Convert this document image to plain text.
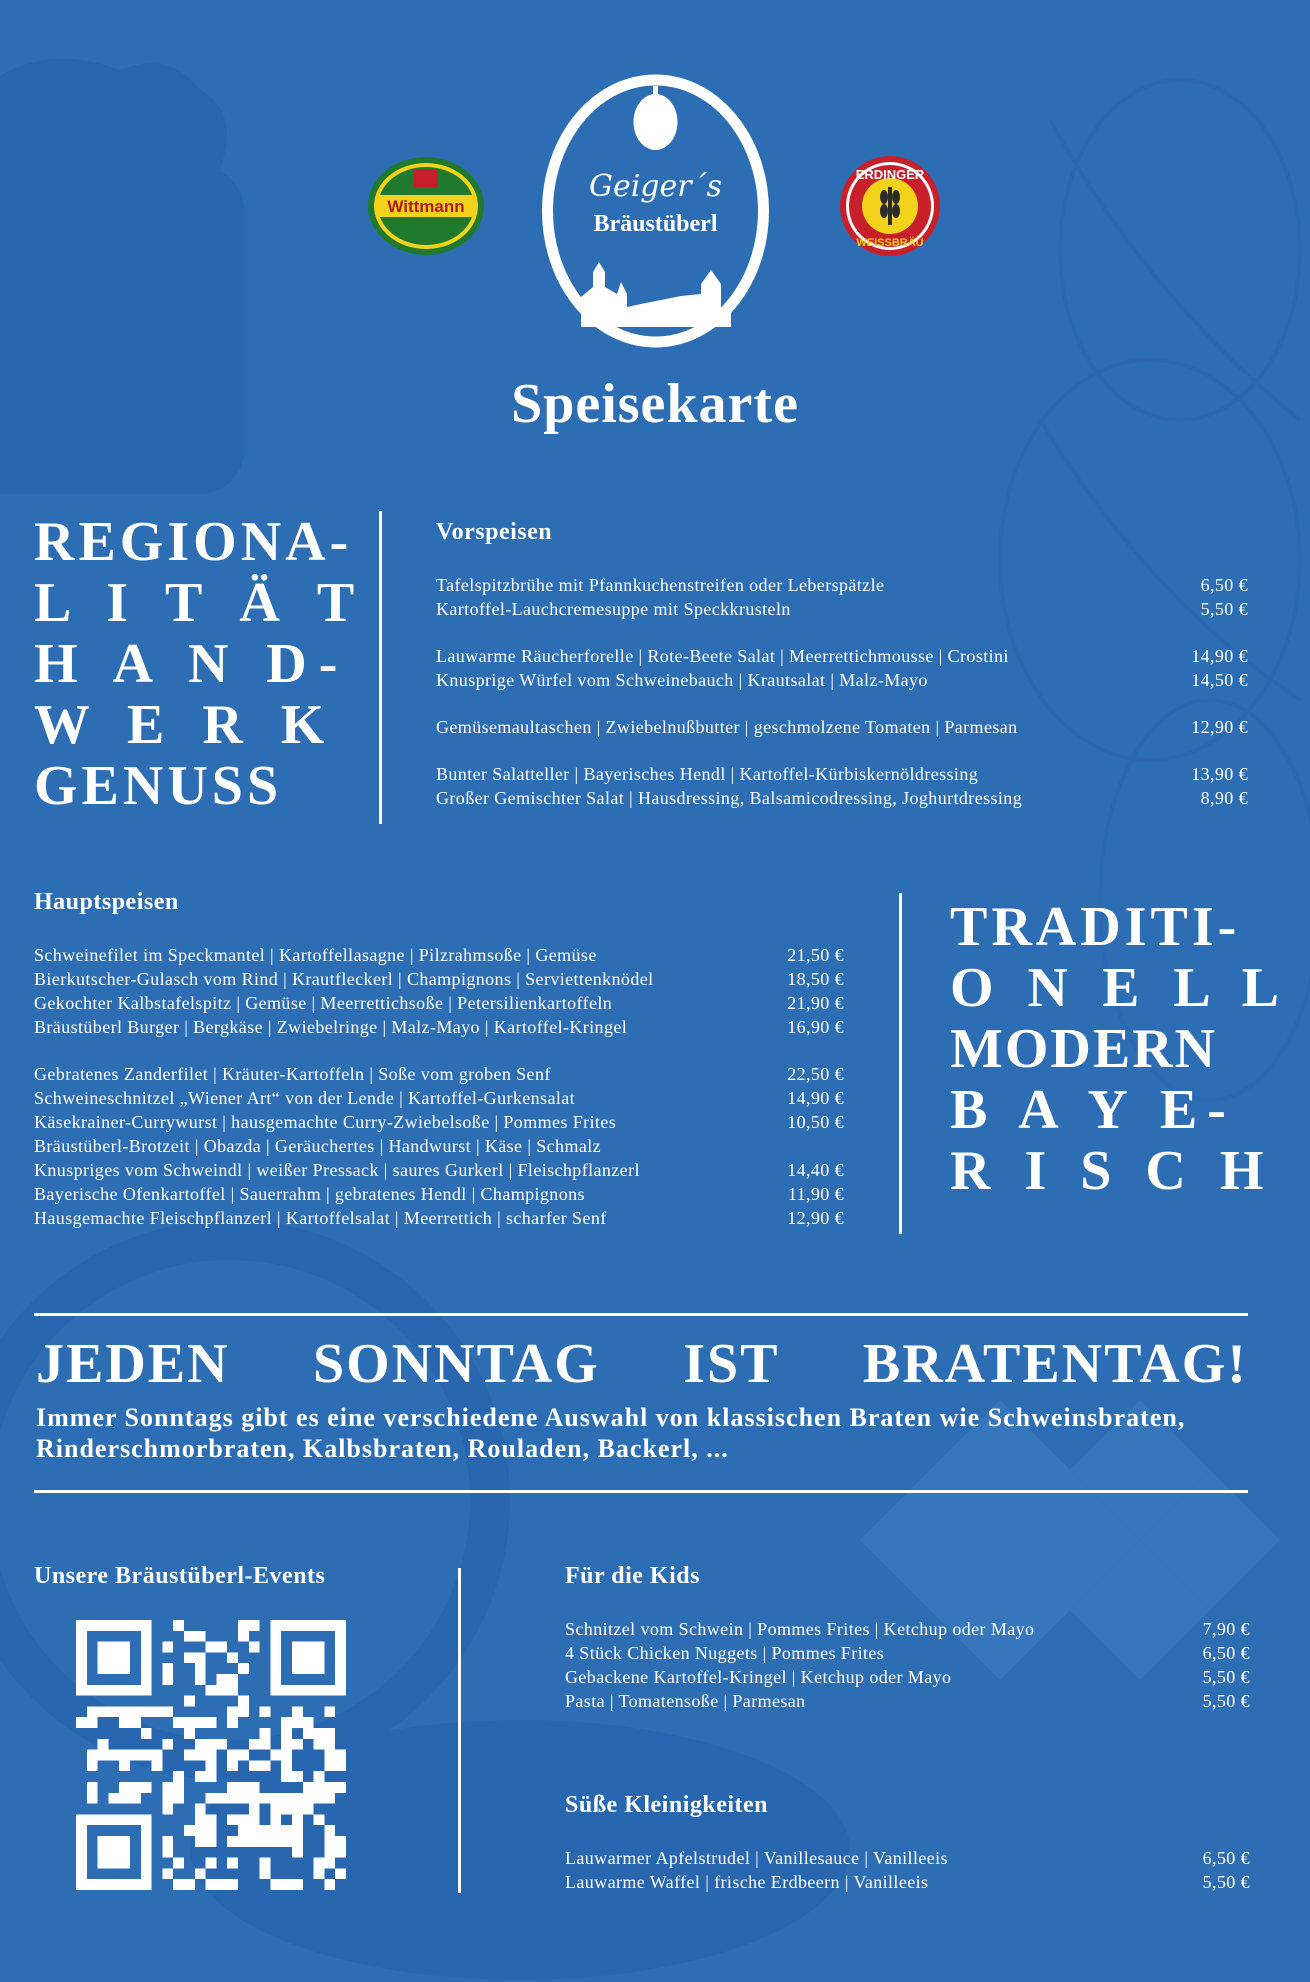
Wittmann
Geiger´s
Bräustüberl
ERDINGER
WEISSBRÄU
Speisekarte
REGIONA-
L I T Ä T
H A N D-
W E R K
GENUSS
Vorspeisen
Tafelspitzbrühe mit Pfannkuchenstreifen oder Leberspätzle	6,50 €
Kartoffel-Lauchcremesuppe mit Speckkrusteln	5,50 €
Lauwarme Räucherforelle | Rote-Beete Salat | Meerrettichmousse | Crostini	14,90 €
Knusprige Würfel vom Schweinebauch | Krautsalat | Malz-Mayo	14,50 €
Gemüsemaultaschen | Zwiebelnußbutter | geschmolzene Tomaten | Parmesan	12,90 €
Bunter Salatteller | Bayerisches Hendl | Kartoffel-Kürbiskernöldressing	13,90 €
Großer Gemischter Salat | Hausdressing, Balsamicodressing, Joghurtdressing	8,90 €
Hauptspeisen
Schweinefilet im Speckmantel | Kartoffellasagne | Pilzrahmsoße | Gemüse	21,50 €
Bierkutscher-Gulasch vom Rind | Krautfleckerl | Champignons | Serviettenknödel	18,50 €
Gekochter Kalbstafelspitz | Gemüse | Meerrettichsoße | Petersilienkartoffeln	21,90 €
Bräustüberl Burger | Bergkäse | Zwiebelringe | Malz-Mayo | Kartoffel-Kringel	16,90 €
Gebratenes Zanderfilet | Kräuter-Kartoffeln | Soße vom groben Senf	22,50 €
Schweineschnitzel „Wiener Art“ von der Lende | Kartoffel-Gurkensalat	14,90 €
Käsekrainer-Currywurst | hausgemachte Curry-Zwiebelsoße | Pommes Frites	10,50 €
Bräustüberl-Brotzeit | Obazda | Geräuchertes | Handwurst | Käse | Schmalz
Knuspriges vom Schweindl | weißer Pressack | saures Gurkerl | Fleischpflanzerl	14,40 €
Bayerische Ofenkartoffel | Sauerrahm | gebratenes Hendl | Champignons	11,90 €
Hausgemachte Fleischpflanzerl | Kartoffelsalat | Meerrettich | scharfer Senf	12,90 €
TRADITI-
O N E L L
MODERN
B A Y E-
R I S C H
JEDEN SONNTAG IST BRATENTAG!
Immer Sonntags gibt es eine verschiedene Auswahl von klassischen Braten wie Schweinsbraten,
Rinderschmorbraten, Kalbsbraten, Rouladen, Backerl, ...
Unsere Bräustüberl-Events	Für die Kids
Schnitzel vom Schwein | Pommes Frites | Ketchup oder Mayo	7,90 €
4 Stück Chicken Nuggets | Pommes Frites	6,50 €
Gebackene Kartoffel-Kringel | Ketchup oder Mayo	5,50 €
Pasta | Tomatensoße | Parmesan	5,50 €
Süße Kleinigkeiten
Lauwarmer Apfelstrudel | Vanillesauce | Vanilleeis	6,50 €
Lauwarme Waffel | frische Erdbeern | Vanilleeis	5,50 €
